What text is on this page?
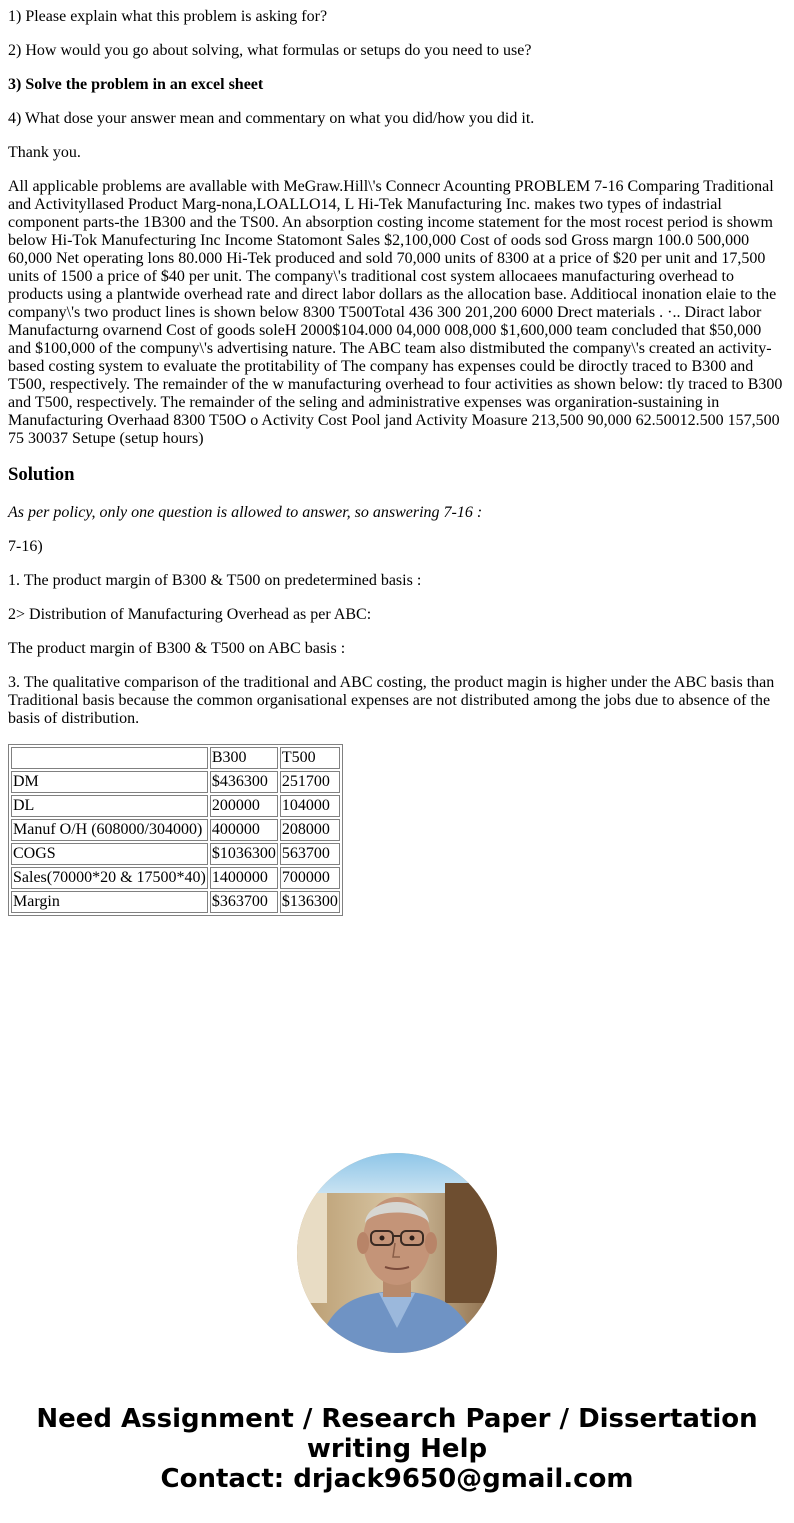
1) Please explain what this problem is asking for?

2) How would you go about solving, what formulas or setups do you need to use?

3) Solve the problem in an excel sheet

4) What dose your answer mean and commentary on what you did/how you did it.

Thank you.

All applicable problems are avallable with MeGraw.Hill\'s Connecr Acounting PROBLEM 7-16 Comparing Traditional and Activityllased Product Marg-nona,LOALLO14, L Hi-Tek Manufacturing Inc. makes two types of indastrial component parts-the 1B300 and the TS00. An absorption costing income statement for the most rocest period is showm below Hi-Tok Manufecturing Inc Income Statomont Sales $2,100,000 Cost of oods sod Gross margn 100.0 500,000 60,000 Net operating lons 80.000 Hi-Tek produced and sold 70,000 units of 8300 at a price of $20 per unit and 17,500 units of 1500 a price of $40 per unit. The company\'s traditional cost system allocaees manufacturing overhead to products using a plantwide overhead rate and direct labor dollars as the allocation base. Additiocal inonation elaie to the company\'s two product lines is shown below 8300 T500Total 436 300 201,200 6000 Drect materials . ·.. Diract labor Manufacturng ovarnend Cost of goods soleH 2000$104.000 04,000 008,000 $1,600,000 team concluded that $50,000 and $100,000 of the compuny\'s advertising nature. The ABC team also distmibuted the company\'s created an activity-based costing system to evaluate the protitability of The company has expenses could be diroctly traced to B300 and T500, respectively. The remainder of the w manufacturing overhead to four activities as shown below: tly traced to B300 and T500, respectively. The remainder of the seling and administrative expenses was organiration-sustaining in Manufacturing Overhaad 8300 T50O o Activity Cost Pool jand Activity Moasure 213,500 90,000 62.50012.500 157,500 75 30037 Setupe (setup hours)

Solution

As per policy, only one question is allowed to answer, so answering 7-16 :

7-16)

1. The product margin of B300 & T500 on predetermined basis :

2> Distribution of Manufacturing Overhead as per ABC:

The product margin of B300 & T500 on ABC basis :

3. The qualitative comparison of the traditional and ABC costing, the product magin is higher under the ABC basis than Traditional basis because the common organisational expenses are not distributed among the jobs due to absence of the basis of distribution.

	B300	T500
DM	$436300	251700
DL	200000	104000
Manuf O/H (608000/304000)	400000	208000
COGS	$1036300	563700
Sales(70000*20 & 17500*40)	1400000	700000
Margin	$363700	$136300
Need Assignment / Research Paper / Dissertation
writing Help
Contact: drjack9650@gmail.com
